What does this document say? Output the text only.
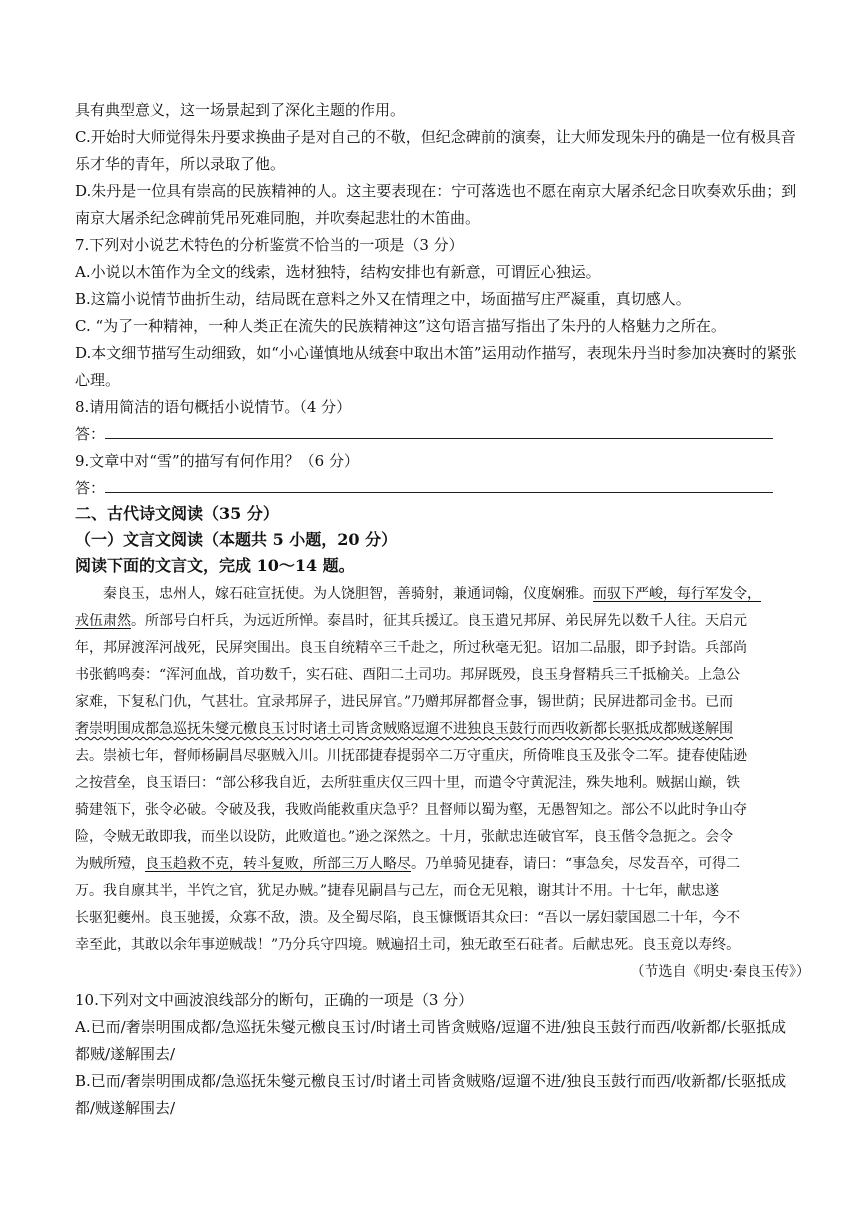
具有典型意义，这一场景起到了深化主题的作用。
C.开始时大师觉得朱丹要求换曲子是对自己的不敬，但纪念碑前的演奏，让大师发现朱丹的确是一位有极具音
乐才华的青年，所以录取了他。
D.朱丹是一位具有崇高的民族精神的人。这主要表现在：宁可落选也不愿在南京大屠杀纪念日吹奏欢乐曲；到
南京大屠杀纪念碑前凭吊死难同胞，并吹奏起悲壮的木笛曲。
7.下列对小说艺术特色的分析鉴赏不恰当的一项是（3 分）
A.小说以木笛作为全文的线索，选材独特，结构安排也有新意，可谓匠心独运。
B.这篇小说情节曲折生动，结局既在意料之外又在情理之中，场面描写庄严凝重，真切感人。
C. “为了一种精神，一种人类正在流失的民族精神这”这句语言描写指出了朱丹的人格魅力之所在。
D.本文细节描写生动细致，如“小心谨慎地从绒套中取出木笛”运用动作描写，表现朱丹当时参加决赛时的紧张
心理。
8.请用简洁的语句概括小说情节。（4 分）
答：
9.文章中对“雪”的描写有何作用？（6 分）
答：
二、古代诗文阅读（35 分）
（一）文言文阅读（本题共 5 小题，20 分）
阅读下面的文言文，完成 10～14 题。
　　秦良玉，忠州人，嫁石砫宣抚使。为人饶胆智，善骑射，兼通词翰，仪度娴雅。而驭下严峻，每行军发令，
戎伍肃然。所部号白杆兵，为远近所惮。泰昌时，征其兵援辽。良玉遣兄邦屏、弟民屏先以数千人往。天启元
年，邦屏渡浑河战死，民屏突围出。良玉自统精卒三千赴之，所过秋毫无犯。诏加二品服，即予封诰。兵部尚
书张鹤鸣奏：“浑河血战，首功数千，实石砫、酉阳二土司功。邦屏既殁，良玉身督精兵三千抵榆关。上急公
家难，下复私门仇，气甚壮。宜录邦屏子，进民屏官。”乃赠邦屏都督佥事，锡世荫；民屏进都司金书。已而
奢崇明围成都急巡抚朱燮元檄良玉讨时诸土司皆贪贼赂逗遛不进独良玉鼓行而西收新都长驱抵成都贼遂解围
去。崇祯七年，督师杨嗣昌尽驱贼入川。川抚邵捷春提弱卒二万守重庆，所倚唯良玉及张令二军。捷春使陆逊
之按营垒，良玉语曰：“部公移我自近，去所驻重庆仅三四十里，而遣令守黄泥洼，殊失地利。贼据山巅，铁
骑建瓴下，张令必破。令破及我，我败尚能救重庆急乎？且督师以蜀为壑，无愚智知之。部公不以此时争山夺
险，令贼无敢即我，而坐以设防，此败道也。”逊之深然之。十月，张献忠连破官军，良玉偕令急扼之。会令
为贼所殪，良玉趋救不克，转斗复败，所部三万人略尽。乃单骑见捷春，请曰：“事急矣，尽发吾卒，可得二
万。我自廪其半，半饩之官，犹足办贼。”捷春见嗣昌与己左，而仓无见粮，谢其计不用。十七年，献忠遂
长驱犯夔州。良玉驰援，众寡不敌，溃。及全蜀尽陷，良玉慷慨语其众曰：“吾以一孱妇蒙国恩二十年，今不
幸至此，其敢以余年事逆贼哉！”乃分兵守四境。贼遍招土司，独无敢至石砫者。后献忠死。良玉竟以寿终。
（节选自《明史·秦良玉传》）
10.下列对文中画波浪线部分的断句，正确的一项是（3 分）
A.已而/奢崇明围成都/急巡抚朱燮元檄良玉讨/时诸土司皆贪贼赂/逗遛不进/独良玉鼓行而西/收新都/长驱抵成
都贼/遂解围去/
B.已而/奢崇明围成都/急巡抚朱燮元檄良玉讨/时诸土司皆贪贼赂/逗遛不进/独良玉鼓行而西/收新都/长驱抵成
都/贼遂解围去/
